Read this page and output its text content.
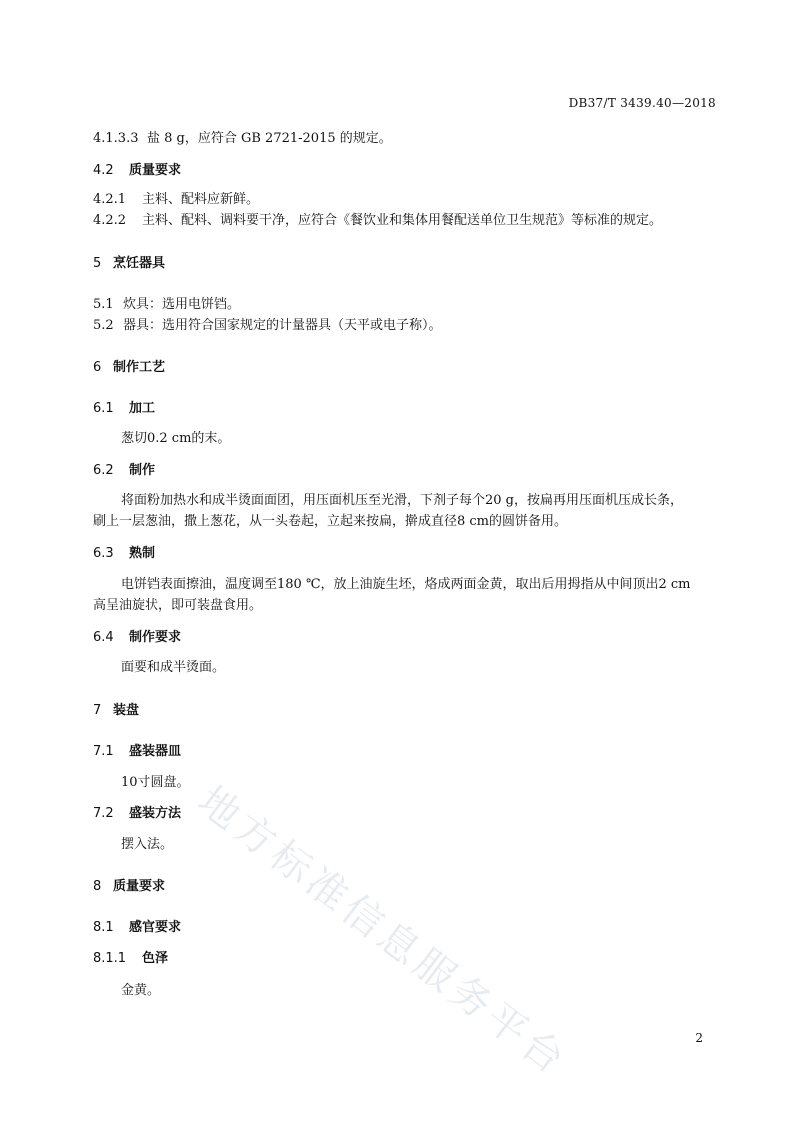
DB37/T 3439.40—2018
4.1.3.3 盐 8 g，应符合 GB 2721-2015 的规定。
4.2 质量要求
4.2.1 主料、配料应新鲜。
4.2.2 主料、配料、调料要干净，应符合《餐饮业和集体用餐配送单位卫生规范》等标准的规定。
5 烹饪器具
5.1 炊具：选用电饼铛。
5.2 器具：选用符合国家规定的计量器具（天平或电子称）。
6 制作工艺
6.1 加工
葱切0.2 cm的末。
6.2 制作
将面粉加热水和成半烫面面团，用压面机压至光滑，下剂子每个20 g，按扁再用压面机压成长条，
刷上一层葱油，撒上葱花，从一头卷起，立起来按扁，擀成直径8 cm的圆饼备用。
6.3 熟制
电饼铛表面擦油，温度调至180 ℃，放上油旋生坯，烙成两面金黄，取出后用拇指从中间顶出2 cm
高呈油旋状，即可装盘食用。
6.4 制作要求
面要和成半烫面。
7 装盘
7.1 盛装器皿
10寸圆盘。
7.2 盛装方法
摆入法。
8 质量要求
8.1 感官要求
8.1.1 色泽
金黄。 地方标准信息服务平台	2
